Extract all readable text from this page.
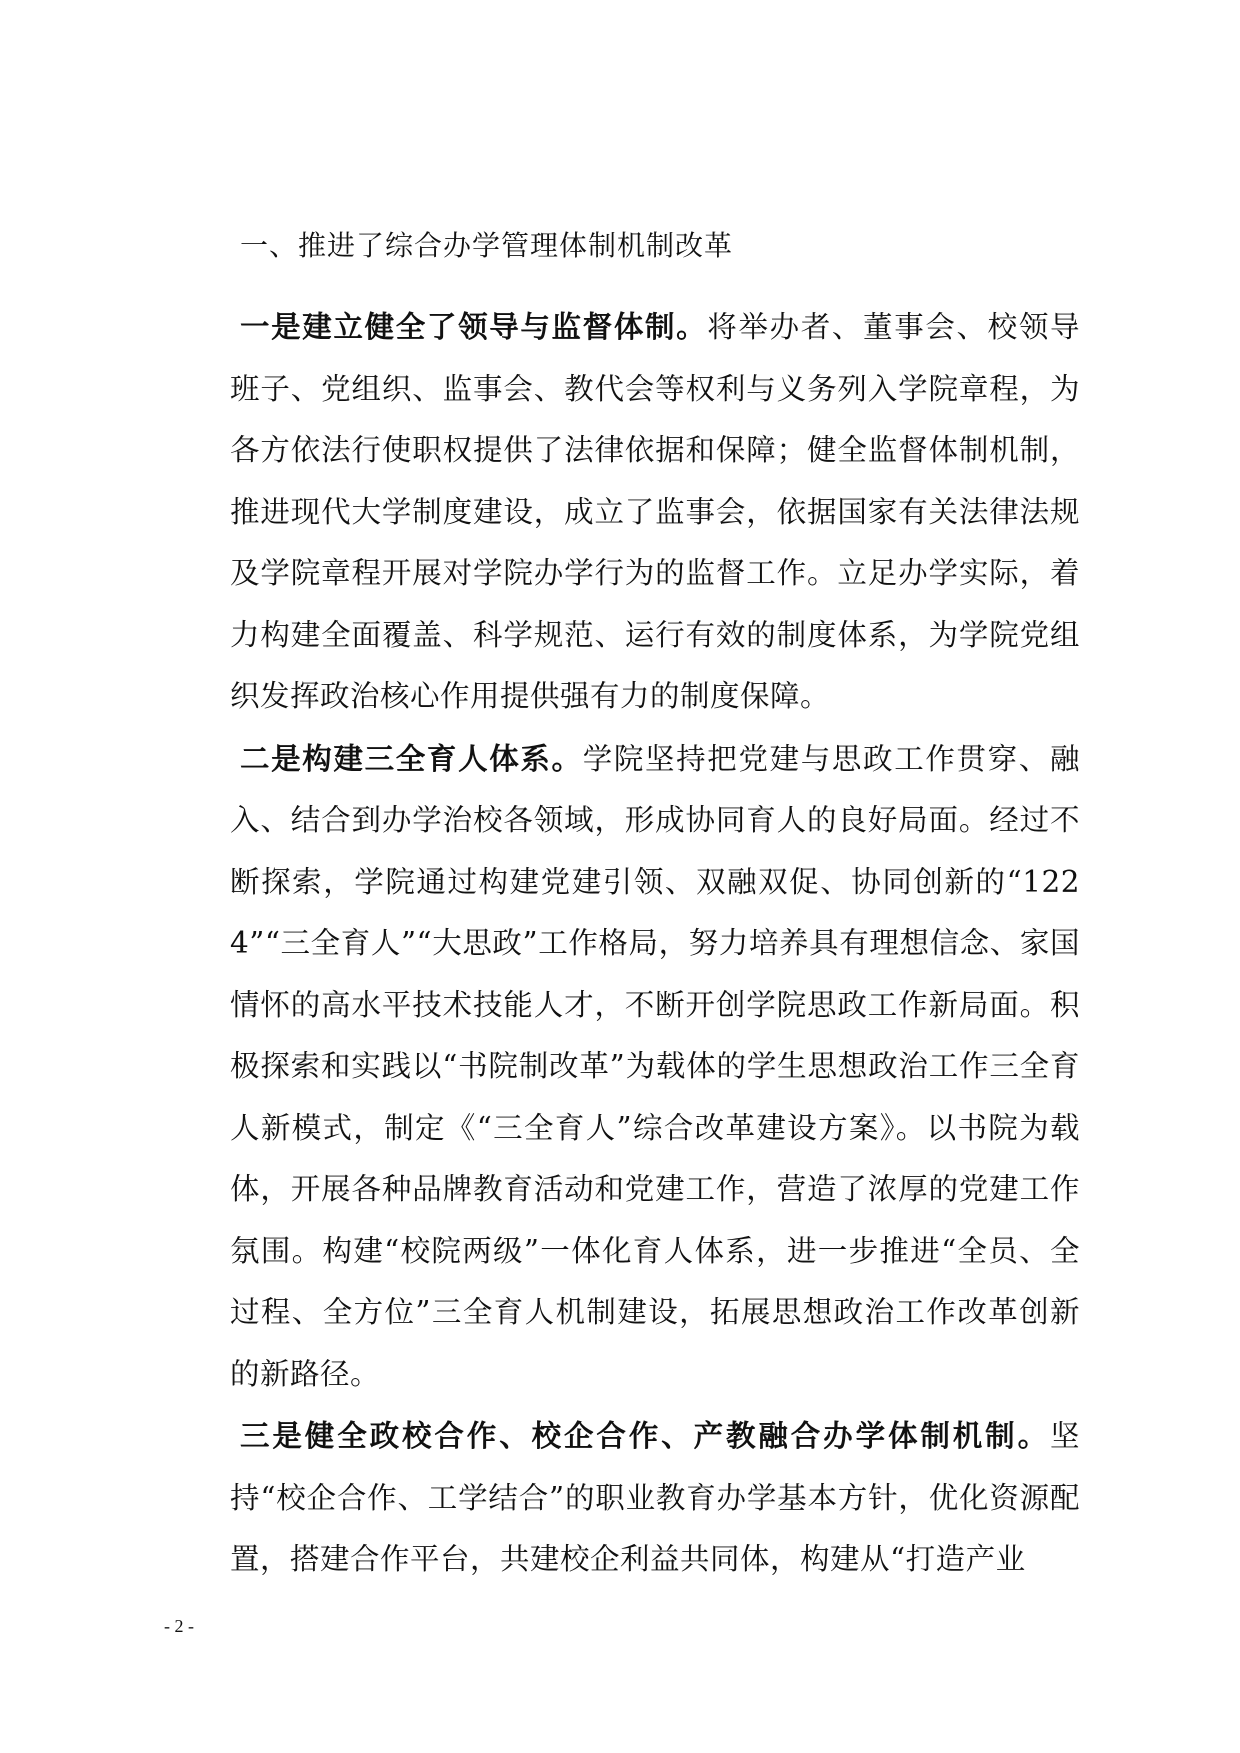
一、推进了综合办学管理体制机制改革

一是建立健全了领导与监督体制。将举办者、董事会、校领导班子、党组织、监事会、教代会等权利与义务列入学院章程，为各方依法行使职权提供了法律依据和保障；健全监督体制机制，推进现代大学制度建设，成立了监事会，依据国家有关法律法规及学院章程开展对学院办学行为的监督工作。立足办学实际，着力构建全面覆盖、科学规范、运行有效的制度体系，为学院党组织发挥政治核心作用提供强有力的制度保障。

二是构建三全育人体系。学院坚持把党建与思政工作贯穿、融入、结合到办学治校各领域，形成协同育人的良好局面。经过不断探索，学院通过构建党建引领、双融双促、协同创新的“1224”“三全育人”“大思政”工作格局，努力培养具有理想信念、家国情怀的高水平技术技能人才，不断开创学院思政工作新局面。积极探索和实践以“书院制改革”为载体的学生思想政治工作三全育人新模式，制定《“三全育人”综合改革建设方案》。以书院为载体，开展各种品牌教育活动和党建工作，营造了浓厚的党建工作氛围。构建“校院两级”一体化育人体系，进一步推进“全员、全过程、全方位”三全育人机制建设，拓展思想政治工作改革创新的新路径。

三是健全政校合作、校企合作、产教融合办学体制机制。坚持“校企合作、工学结合”的职业教育办学基本方针，优化资源配置，搭建合作平台，共建校企利益共同体，构建从“打造产业

- 2 -
